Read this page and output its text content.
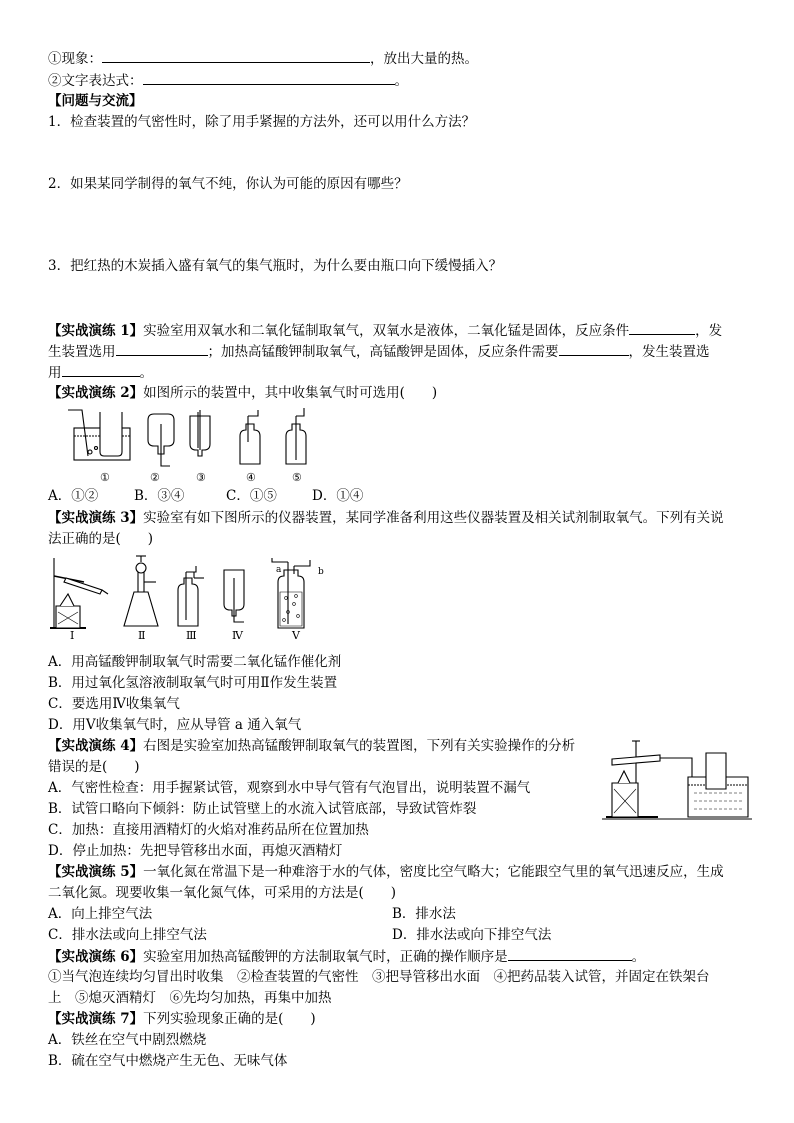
①现象：	，放出大量的热。
②文字表达式：	。
【问题与交流】
1．检查装置的气密性时，除了用手紧握的方法外，还可以用什么方法？
2．如果某同学制得的氧气不纯，你认为可能的原因有哪些？
3．把红热的木炭插入盛有氧气的集气瓶时，为什么要由瓶口向下缓慢插入？
【实战演练 1】实验室用双氧水和二氧化锰制取氧气，双氧水是液体，二氧化锰是固体，反应条件	，发
生装置选用	；加热高锰酸钾制取氧气，高锰酸钾是固体，反应条件需要	，发生装置选
用	。
【实战演练 2】如图所示的装置中，其中收集氧气时可选用(　　)
①	②	③	④	⑤
A．①②	B．③④	C．①⑤	D．①④
【实战演练 3】实验室有如下图所示的仪器装置，某同学准备利用这些仪器装置及相关试剂制取氧气。下列有关说
法正确的是(　　)
a	b
Ⅰ	Ⅱ	Ⅲ	Ⅳ	Ⅴ
A．用高锰酸钾制取氧气时需要二氧化锰作催化剂
B．用过氧化氢溶液制取氧气时可用Ⅱ作发生装置
C．要选用Ⅳ收集氧气
D．用Ⅴ收集氧气时，应从导管 a 通入氧气
【实战演练 4】右图是实验室加热高锰酸钾制取氧气的装置图，下列有关实验操作的分析
错误的是(　　)
A．气密性检查：用手握紧试管，观察到水中导气管有气泡冒出，说明装置不漏气
B．试管口略向下倾斜：防止试管壁上的水流入试管底部，导致试管炸裂
C．加热：直接用酒精灯的火焰对准药品所在位置加热
D．停止加热：先把导管移出水面，再熄灭酒精灯
【实战演练 5】一氧化氮在常温下是一种难溶于水的气体，密度比空气略大；它能跟空气里的氧气迅速反应，生成
二氧化氮。现要收集一氧化氮气体，可采用的方法是(　　)
A．向上排空气法	B．排水法
C．排水法或向上排空气法	D．排水法或向下排空气法
【实战演练 6】实验室用加热高锰酸钾的方法制取氧气时，正确的操作顺序是	。
①当气泡连续均匀冒出时收集　②检查装置的气密性　③把导管移出水面　④把药品装入试管，并固定在铁架台
上　⑤熄灭酒精灯　⑥先均匀加热，再集中加热
【实战演练 7】下列实验现象正确的是(　　)
A．铁丝在空气中剧烈燃烧
B．硫在空气中燃烧产生无色、无味气体
